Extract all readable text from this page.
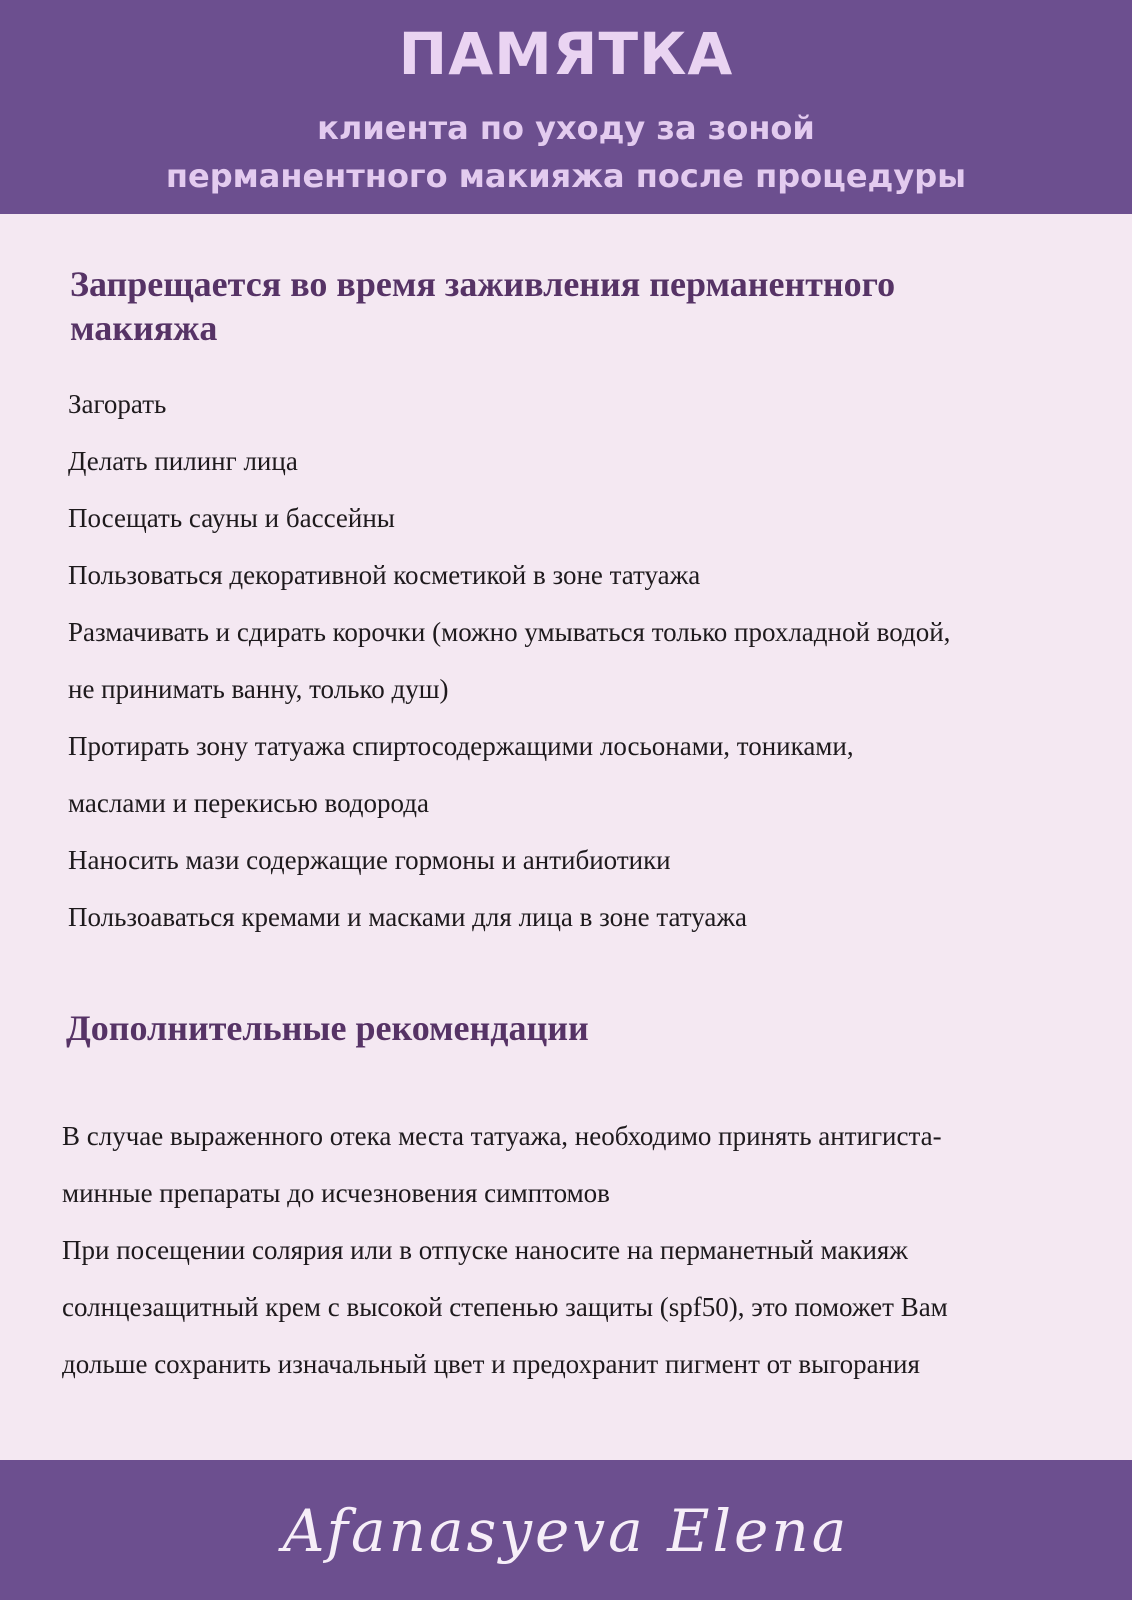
ПАМЯТКА
клиента по уходу за зоной
перманентного макияжа после процедуры
Запрещается во время заживления перманентного макияжа
Загорать
Делать пилинг лица
Посещать сауны и бассейны
Пользоваться декоративной косметикой в зоне татуажа
Размачивать и сдирать корочки (можно умываться только прохладной водой,
не принимать ванну, только душ)
Протирать зону татуажа спиртосодержащими лосьонами, тониками,
маслами и перекисью водорода
Наносить мази содержащие гормоны и антибиотики
Пользоаваться кремами и масками для лица в зоне татуажа
Дополнительные рекомендации

В случае выраженного отека места татуажа, необходимо принять антигиста-

минные препараты до исчезновения симптомов

При посещении солярия или в отпуске наносите на перманетный макияж

солнцезащитный крем с высокой степенью защиты (spf50), это поможет Вам

дольше сохранить изначальный цвет и предохранит пигмент от выгорания

Afanasyeva Elena
